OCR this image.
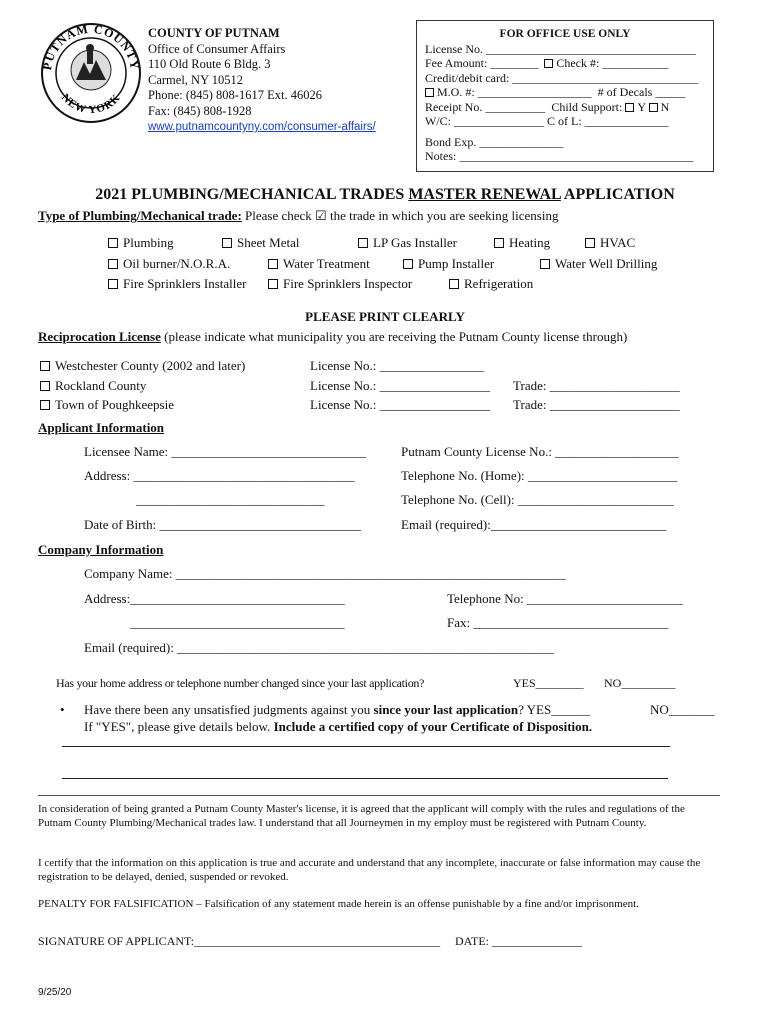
PUTNAM COUNTY
NEW YORK
COUNTY OF PUTNAM
Office of Consumer Affairs
110 Old Route 6 Bldg. 3
Carmel, NY 10512
Phone: (845) 808-1617 Ext. 46026
Fax: (845) 808-1928
www.putnamcountyny.com/consumer-affairs/
FOR OFFICE USE ONLY
License No. ___________________________________
Fee Amount: ________ Check #: ___________
Credit/debit card: _______________________________
M.O. #: ___________________ # of Decals _____
Receipt No. __________ Child Support: Y N
W/C: _______________ C of L: ______________
Bond Exp. ______________
Notes: _______________________________________
2021 PLUMBING/MECHANICAL TRADES MASTER RENEWAL APPLICATION
Type of Plumbing/Mechanical trade: Please check ☑ the trade in which you are seeking licensing
Plumbing	Sheet Metal	LP Gas Installer	Heating	HVAC
Oil burner/N.O.R.A.	Water Treatment	Pump Installer	Water Well Drilling
Fire Sprinklers Installer	Fire Sprinklers Inspector	Refrigeration
PLEASE PRINT CLEARLY
Reciprocation License (please indicate what municipality you are receiving the Putnam County license through)
Westchester County (2002 and later)	License No.: ________________
Rockland County	License No.: _________________ Trade: ____________________
Town of Poughkeepsie	License No.: _________________ Trade: ____________________
Applicant Information
Licensee Name: ______________________________	Putnam County License No.: ___________________
Address: __________________________________	Telephone No. (Home): _______________________
_____________________________	Telephone No. (Cell): ________________________
Date of Birth: _______________________________	Email (required):___________________________
Company Information
Company Name: ____________________________________________________________
Address:_________________________________	Telephone No: ________________________
_________________________________	Fax: ______________________________
Email (required): __________________________________________________________
Has your home address or telephone number changed since your last application?	YES________ NO_________
• Have there been any unsatisfied judgments against you since your last application? YES______	NO_______
If "YES", please give details below. Include a certified copy of your Certificate of Disposition.
In consideration of being granted a Putnam County Master's license, it is agreed that the applicant will comply with the rules and regulations of the Putnam County Plumbing/Mechanical trades law. I understand that all Journeymen in my employ must be registered with Putnam County.
I certify that the information on this application is true and accurate and understand that any incomplete, inaccurate or false information may cause the registration to be delayed, denied, suspended or revoked.
PENALTY FOR FALSIFICATION – Falsification of any statement made herein is an offense punishable by a fine and/or imprisonment.
SIGNATURE OF APPLICANT:_________________________________________ DATE: _______________
9/25/20
